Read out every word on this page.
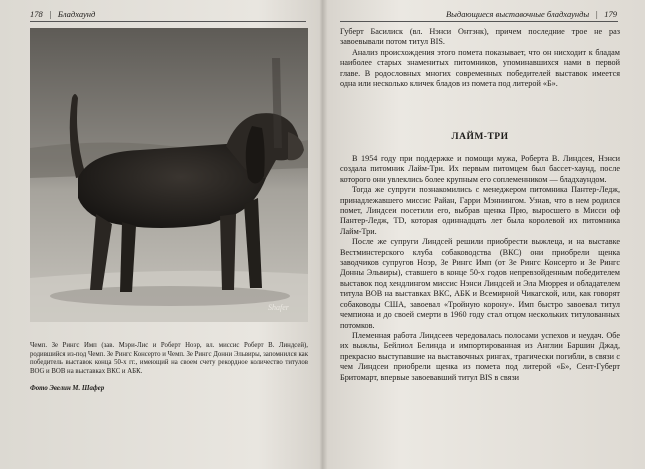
178   |   Бладхаунд
Shafer

Чемп. Зе Рингс Имп (зав. Мэри-Лис и Роберт Ноэр, вл. миссис Роберт В. Линдсей), родившийся из-под Чемп. Зе Рингс Консерто и Чемп. Зе Рингс Донни Эльвиры, запомнился как победитель выставок конца 50-х гг., имеющий на своем счету рекордное количество титулов BOG и BOB на выставках ВКС и АБК.

Фото Эвелин М. Шафер
Выдающиеся выставочные бладхаунды   |   179

Губерт Басилиск (вл. Нэнси Онтэнк), причем последние трое не раз завоевывали потом титул BIS.

Анализ происхождения этого помета показывает, что он нисходит к бладам наиболее старых знаменитых питомников, упоминавшихся нами в первой главе. В родословных многих современных победителей выставок имеется одна или несколько кличек бладов из помета под литерой «Б».

ЛАЙМ-ТРИ

В 1954 году при поддержке и помощи мужа, Роберта В. Линдсея, Нэнси создала питомник Лайм-Три. Их первым питомцем был бассет-хаунд, после которого они увлеклись более крупным его соплеменником — бладхаундом.

Тогда же супруги познакомились с менеджером питомника Пантер-Ледж, принадлежавшего миссис Райан, Гарри Мэннингом. Узнав, что в нем родился помет, Линдсеи посетили его, выбрав щенка Прю, выросшего в Мисси оф Пантер-Ледж, TD, которая одиннадцать лет была королевой их питомника Лайм-Три.

После же супруги Линдсей решили приобрести выжлеца, и на выставке Вестминстерского клуба собаководства (ВКС) они приобрели щенка заводчиков супругов Ноэр, Зе Рингс Имп (от Зе Рингс Консерто и Зе Рингс Донны Эльвиры), ставшего в конце 50-х годов непревзойденным победителем выставок под хендлингом миссис Нэнси Линдсей и Эла Мюррея и обладателем титула BOB на выставках ВКС, АБК и Всемирной Чикагской, или, как говорят собаководы США, завоевал «Тройную корону». Имп быстро завоевал титул чемпиона и до своей смерти в 1960 году стал отцом нескольких титулованных потомков.

Племенная работа Линдсеев чередовалась полосами успехов и неудач. Обе их выжлы, Бейлиол Белинда и импортированная из Англии Баршин Джад, прекрасно выступавшие на выставочных рингах, трагически погибли, в связи с чем Линдсеи приобрели щенка из помета под литерой «Б», Сент-Губерт Бритомарт, впервые завоевавший титул BIS в связи
